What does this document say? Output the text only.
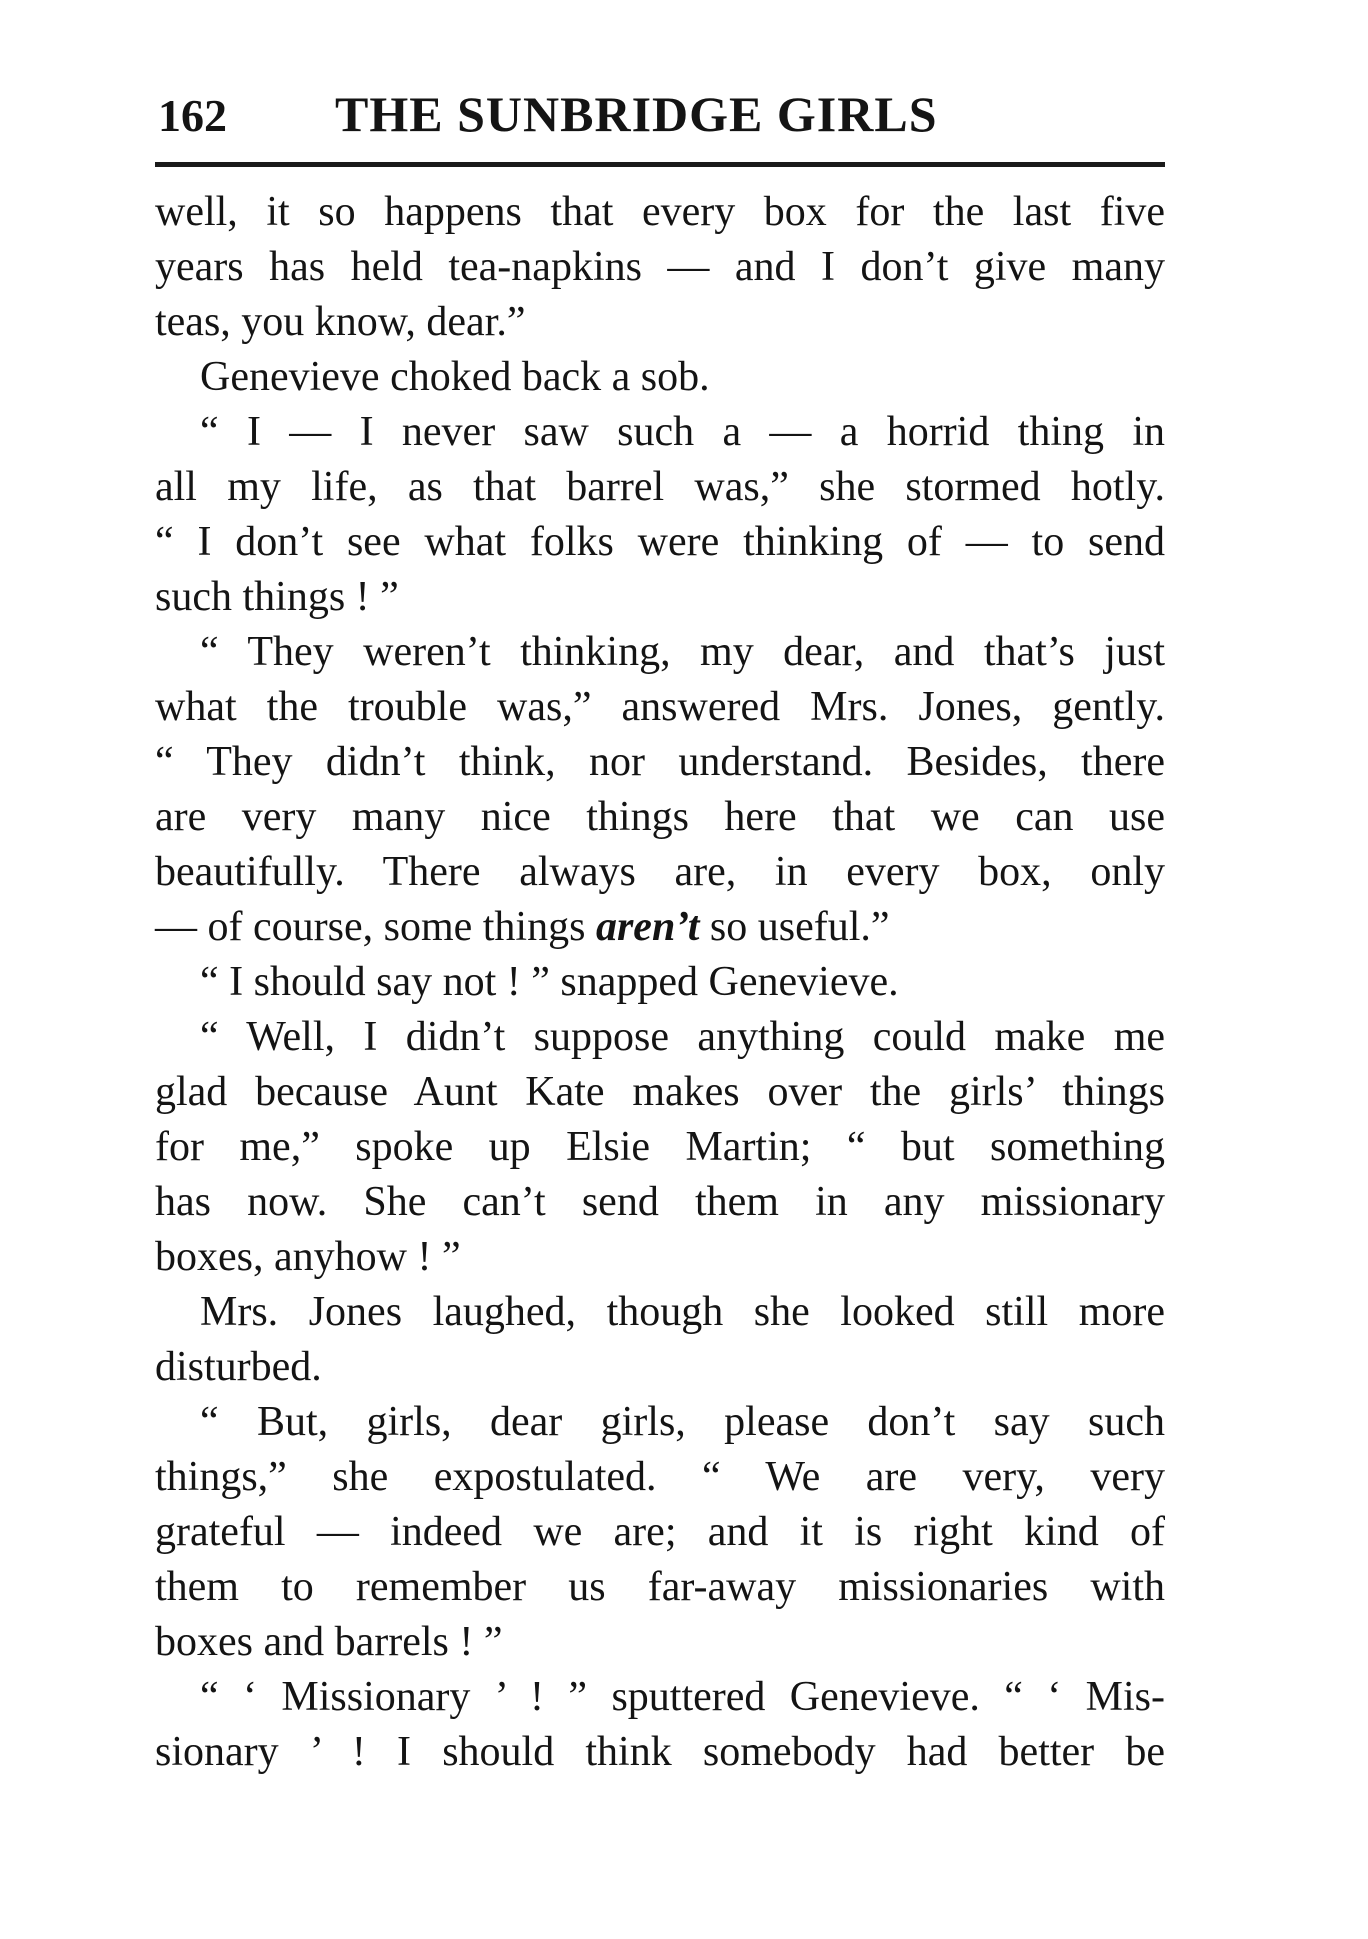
162 THE SUNBRIDGE GIRLS
well, it so happens that every box for the last five
years has held tea-napkins — and I don’t give many
teas, you know, dear.”
Genevieve choked back a sob.
“ I — I never saw such a — a horrid thing in
all my life, as that barrel was,” she stormed hotly.
“ I don’t see what folks were thinking of — to send
such things ! ”
“ They weren’t thinking, my dear, and that’s just
what the trouble was,” answered Mrs. Jones, gently.
“ They didn’t think, nor understand. Besides, there
are very many nice things here that we can use
beautifully. There always are, in every box, only
— of course, some things aren’t so useful.”
“ I should say not ! ” snapped Genevieve.
“ Well, I didn’t suppose anything could make me
glad because Aunt Kate makes over the girls’ things
for me,” spoke up Elsie Martin; “ but something
has now. She can’t send them in any missionary
boxes, anyhow ! ”
Mrs. Jones laughed, though she looked still more
disturbed.
“ But, girls, dear girls, please don’t say such
things,” she expostulated. “ We are very, very
grateful — indeed we are; and it is right kind of
them to remember us far-away missionaries with
boxes and barrels ! ”
“ ‘ Missionary ’ ! ” sputtered Genevieve. “ ‘ Mis-
sionary ’ ! I should think somebody had better be
